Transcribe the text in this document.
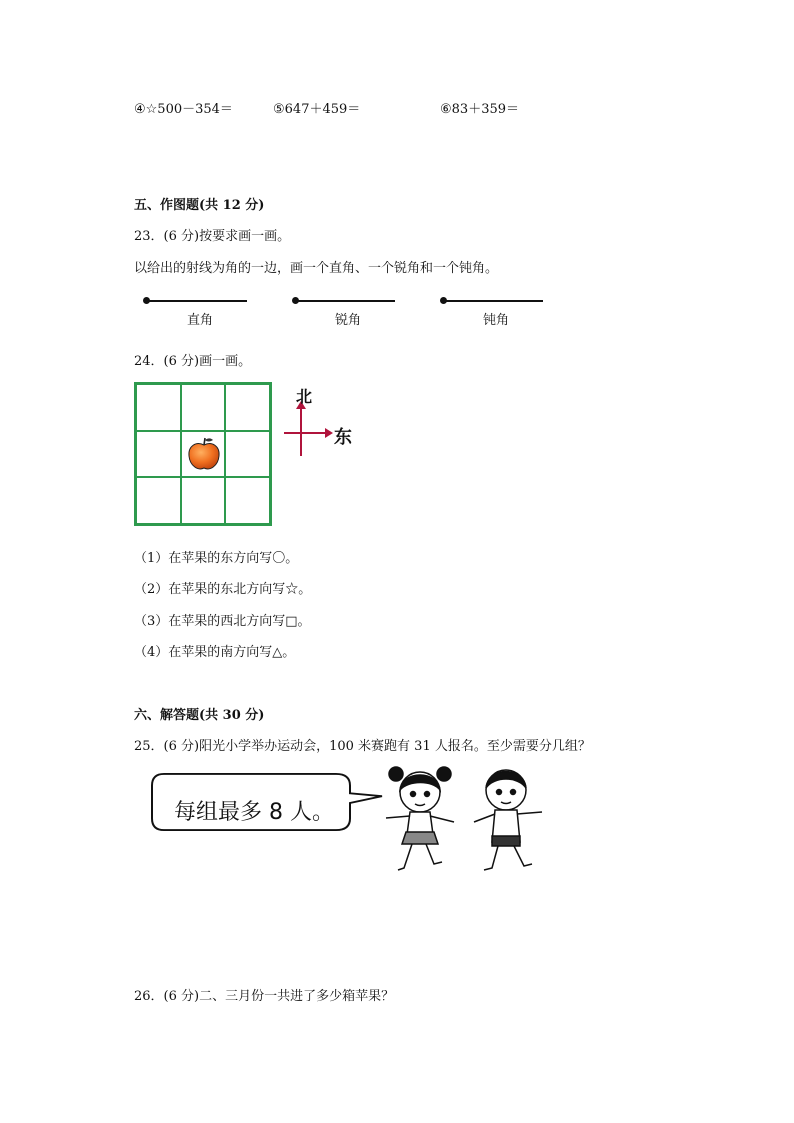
④☆500－354＝	⑤647＋459＝	⑥83＋359＝
五、作图题(共 12 分)
23．(6 分)按要求画一画。
以给出的射线为角的一边，画一个直角、一个锐角和一个钝角。
直角	锐角	钝角
24．(6 分)画一画。
北
东
（1）在苹果的东方向写〇。
（2）在苹果的东北方向写☆。
（3）在苹果的西北方向写□。
（4）在苹果的南方向写△。
六、解答题(共 30 分)
25．(6 分)阳光小学举办运动会，100 米赛跑有 31 人报名。至少需要分几组？
每组最多 8 人。
26．(6 分)二、三月份一共进了多少箱苹果？
